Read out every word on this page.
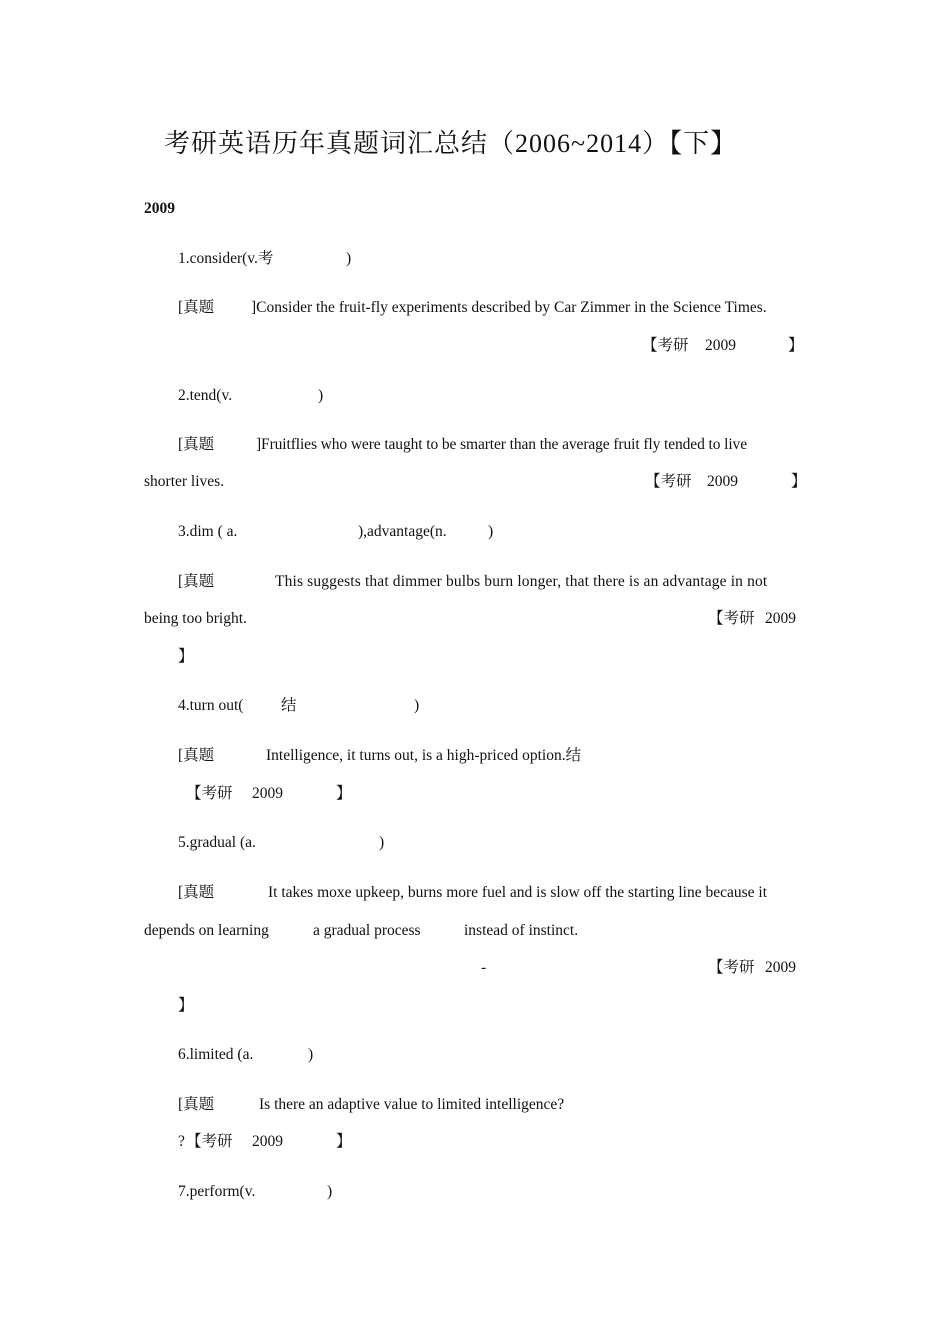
考研英语历年真题词汇总结（2006~2014）【下】
2009
1.consider(v.考	)
[真题 ]Consider the fruit-fly experiments described by Car Zimmer in the Science Times.
【考研 2009	】
2.tend(v.	)
[真题	]Fruitflies who were taught to be smarter than the average fruit fly tended to live
shorter lives.	【考研 2009	】
3.dim ( a.	),advantage(n.	)
[真题	This suggests that dimmer bulbs burn longer, that there is an advantage in not
being too bright.	【考研 2009
】
4.turn out( 结	)
[真题	Intelligence, it turns out, is a high-priced option.结
【考研 2009	】
5.gradual (a.	)
[真题	It takes moxe upkeep, burns more fuel and is slow off the starting line because it
depends on learning	a gradual process	instead of instinct.
-	【考研 2009
】
6.limited (a.	)
[真题	Is there an adaptive value to limited intelligence?
? 【考研 2009	】
7.perform(v.	)
